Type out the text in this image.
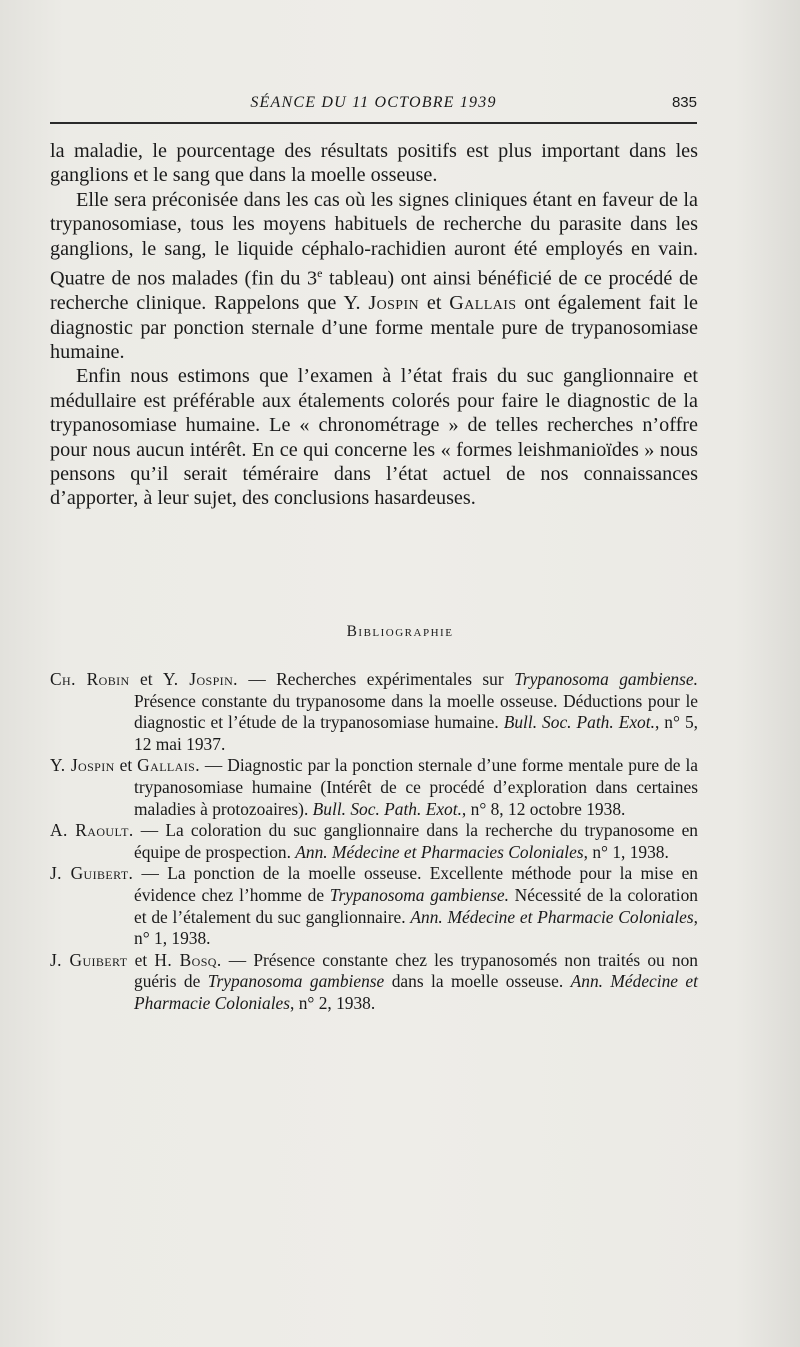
SÉANCE DU 11 OCTOBRE 1939	835

la maladie, le pourcentage des résultats positifs est plus important dans les ganglions et le sang que dans la moelle osseuse.

Elle sera préconisée dans les cas où les signes cliniques étant en faveur de la trypanosomiase, tous les moyens habituels de recherche du parasite dans les ganglions, le sang, le liquide céphalo-rachidien auront été employés en vain. Quatre de nos malades (fin du 3e tableau) ont ainsi bénéficié de ce procédé de recherche clinique. Rappelons que Y. Jospin et Gallais ont également fait le diagnostic par ponction sternale d’une forme mentale pure de trypanosomiase humaine.

Enfin nous estimons que l’examen à l’état frais du suc ganglionnaire et médullaire est préférable aux étalements colorés pour faire le diagnostic de la trypanosomiase humaine. Le « chronométrage » de telles recherches n’offre pour nous aucun intérêt. En ce qui concerne les « formes leishmanioïdes » nous pensons qu’il serait téméraire dans l’état actuel de nos connaissances d’apporter, à leur sujet, des conclusions hasardeuses.

Bibliographie

Ch. Robin et Y. Jospin. — Recherches expérimentales sur Trypanosoma gambiense. Présence constante du trypanosome dans la moelle osseuse. Déductions pour le diagnostic et l’étude de la trypanosomiase humaine. Bull. Soc. Path. Exot., n° 5, 12 mai 1937.

Y. Jospin et Gallais. — Diagnostic par la ponction sternale d’une forme mentale pure de la trypanosomiase humaine (Intérêt de ce procédé d’exploration dans certaines maladies à protozoaires). Bull. Soc. Path. Exot., n° 8, 12 octobre 1938.

A. Raoult. — La coloration du suc ganglionnaire dans la recherche du trypanosome en équipe de prospection. Ann. Médecine et Pharmacies Coloniales, n° 1, 1938.

J. Guibert. — La ponction de la moelle osseuse. Excellente méthode pour la mise en évidence chez l’homme de Trypanosoma gambiense. Nécessité de la coloration et de l’étalement du suc ganglionnaire. Ann. Médecine et Pharmacie Coloniales, n° 1, 1938.

J. Guibert et H. Bosq. — Présence constante chez les trypanosomés non traités ou non guéris de Trypanosoma gambiense dans la moelle osseuse. Ann. Médecine et Pharmacie Coloniales, n° 2, 1938.
